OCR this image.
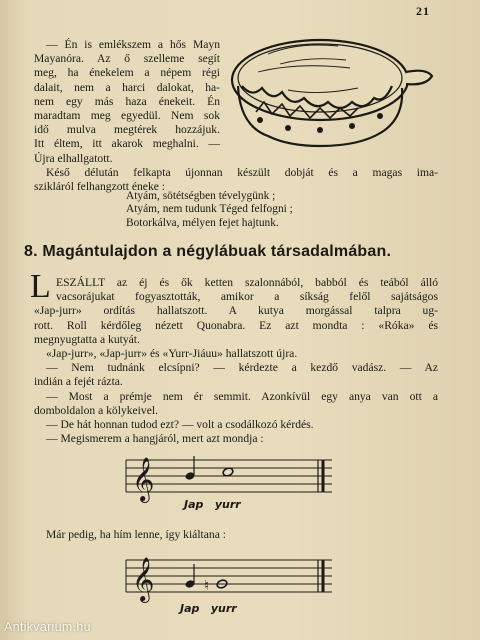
21
— Én is emlékszem a hős Mayn
Mayanóra. Az ő szelleme segít
meg, ha énekelem a népem régi
dalait, nem a harci dalokat, ha-
nem egy más haza énekeit. Én
maradtam meg egyedül. Nem sok
idő mulva megtérek hozzájuk.
Itt éltem, itt akarok meghalni. —
Újra elhallgatott.
Késő délután felkapta újonnan készült dobját és a magas ima-
szikláról felhangzott éneke :
Atyám, sötétségben tévelygünk ;
Atyám, nem tudunk Téged felfogni ;
Botorkálva, mélyen fejet hajtunk.
8. Magántulajdon a négylábuak társadalmában.
L ESZÁLLT az éj és ők ketten szalonnából, babból és teából álló
vacsorájukat fogyasztották, amikor a síkság felől sajátságos
«Jap-jurr» ordítás hallatszott. A kutya morgással talpra ug-
rott. Roll kérdőleg nézett Quonabra. Ez azt mondta : «Róka» és
megnyugtatta a kutyát.
«Jap-jurr», «Jap-jurr» és «Yurr-Jiáuu» hallatszott újra.
— Nem tudnánk elcsípni? — kérdezte a kezdő vadász. — Az
indián a fejét rázta.
— Most a prémje nem ér semmit. Azonkívül egy anya van ott a
domboldalon a kölykeivel.
— De hát honnan tudod ezt? — volt a csodálkozó kérdés.
— Megismerem a hangjáról, mert azt mondja :
𝄞
Jap   yurr
Már pedig, ha hím lenne, így kiáltana :
𝄞	♮
Jap   yurr
Antikvarium.hu
